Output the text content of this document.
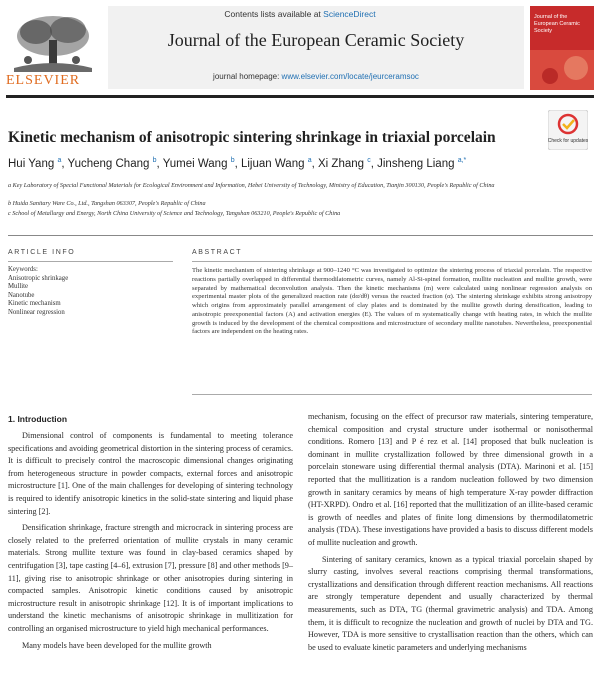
Contents lists available at ScienceDirect
Journal of the European Ceramic Society
journal homepage: www.elsevier.com/locate/jeurceramsoc
ELSEVIER
Journal of the European Ceramic Society
Kinetic mechanism of anisotropic sintering shrinkage in triaxial porcelain	Check for updates
Hui Yang $^a$, Yucheng Chang $^b$, Yumei Wang $^b$, Lijuan Wang $^a$, Xi Zhang $^c$, Jinsheng Liang $^{a,*}$
a Key Laboratory of Special Functional Materials for Ecological Environment and Information, Hebei University of Technology, Ministry of Education, Tianjin 300130, People's Republic of China
b Huida Sanitary Ware Co., Ltd., Tangshan 063307, People's Republic of China
c School of Metallurgy and Energy, North China University of Science and Technology, Tangshan 063210, People's Republic of China
ARTICLE INFO
Keywords:
Anisotropic shrinkage
Mullite
Nanotube
Kinetic mechanism
Nonlinear regression
ABSTRACT
The kinetic mechanism of sintering shrinkage at 900–1240 °C was investigated to optimize the sintering process of triaxial porcelain. The respective reactions partially overlapped in differential thermodilatometric curves, namely Al-Si-spinel formation, mullite nucleation and mullite growth, were separated by mathematical deconvolution analysis. Then the kinetic mechanisms (m) were calculated using nonlinear regression analysis on experimental master plots of the generalized reaction rate (dα/dθ) versus the reacted fraction (α). The sintering shrinkage exhibits strong anisotropy which origins from approximately parallel arrangement of clay plates and is dominated by the mullite growth during densification, leading to anisotropic preexponential factors (A) and activation energies (E). The values of m systematically change with heating rates, in which the mullite growth is induced by the development of the chemical compositions and microstructure of secondary mullite nanotubes. Nevertheless, preexponential factors are independent on the heating rates.
1. Introduction

Dimensional control of components is fundamental to meeting tolerance specifications and avoiding geometrical distortion in the sintering process of ceramics. It is difficult to precisely control the macroscopic dimensional changes originating from heterogeneous structure in powder compacts, external forces and anisotropic microstructure [1]. One of the main challenges for developing of sintering technology is required to identify anisotropic kinetics in the solid-state sintering and liquid phase sintering [2].

Densification shrinkage, fracture strength and microcrack in sintering process are closely related to the preferred orientation of mullite crystals in many ceramic materials. Strong mullite texture was found in clay-based ceramics shaped by centrifugation [3], tape casting [4–6], extrusion [7], pressure [8] and other methods [9–11], giving rise to anisotropic shrinkage or other anisotropies during sintering in compacted samples. Anisotropic kinetic conditions caused by anisotropic microstructure result in anisotropic shrinkage [12]. It is of important implications to understand the kinetic mechanisms of anisotropic shrinkage in mullitization for controlling an organised microstructure to yield high mechanical performances.

Many models have been developed for the mullite growth

mechanism, focusing on the effect of precursor raw materials, sintering temperature, chemical composition and crystal structure under isothermal or nonisothermal conditions. Romero [13] and P é rez et al. [14] proposed that bulk nucleation is dominant in mullite crystallization followed by three dimensional growth in a porcelain stoneware using differential thermal analysis (DTA). Marinoni et al. [15] reported that the mullitization is a random nucleation followed by two dimension growth in sanitary ceramics by means of high temperature X-ray powder diffraction (HT-XRPD). Ondro et al. [16] reported that the mullitization of an illite-based ceramic is growth of needles and plates of finite long dimensions by thermodilatometric analysis (TDA). These investigations have provided a basis to discuss different models of mullite nucleation and growth.

Sintering of sanitary ceramics, known as a typical triaxial porcelain shaped by slurry casting, involves several reactions comprising thermal transformations, crystallizations and densification through different reaction mechanisms. All reactions are strongly temperature dependent and usually characterized by thermal measurements, such as DTA, TG (thermal gravimetric analysis) and TDA. Among them, it is difficult to recognize the nucleation and growth of nuclei by DTA and TG. However, TDA is more sensitive to crystallisation reaction than the others, which can be used to evaluate kinetic parameters and underlying mechanisms
